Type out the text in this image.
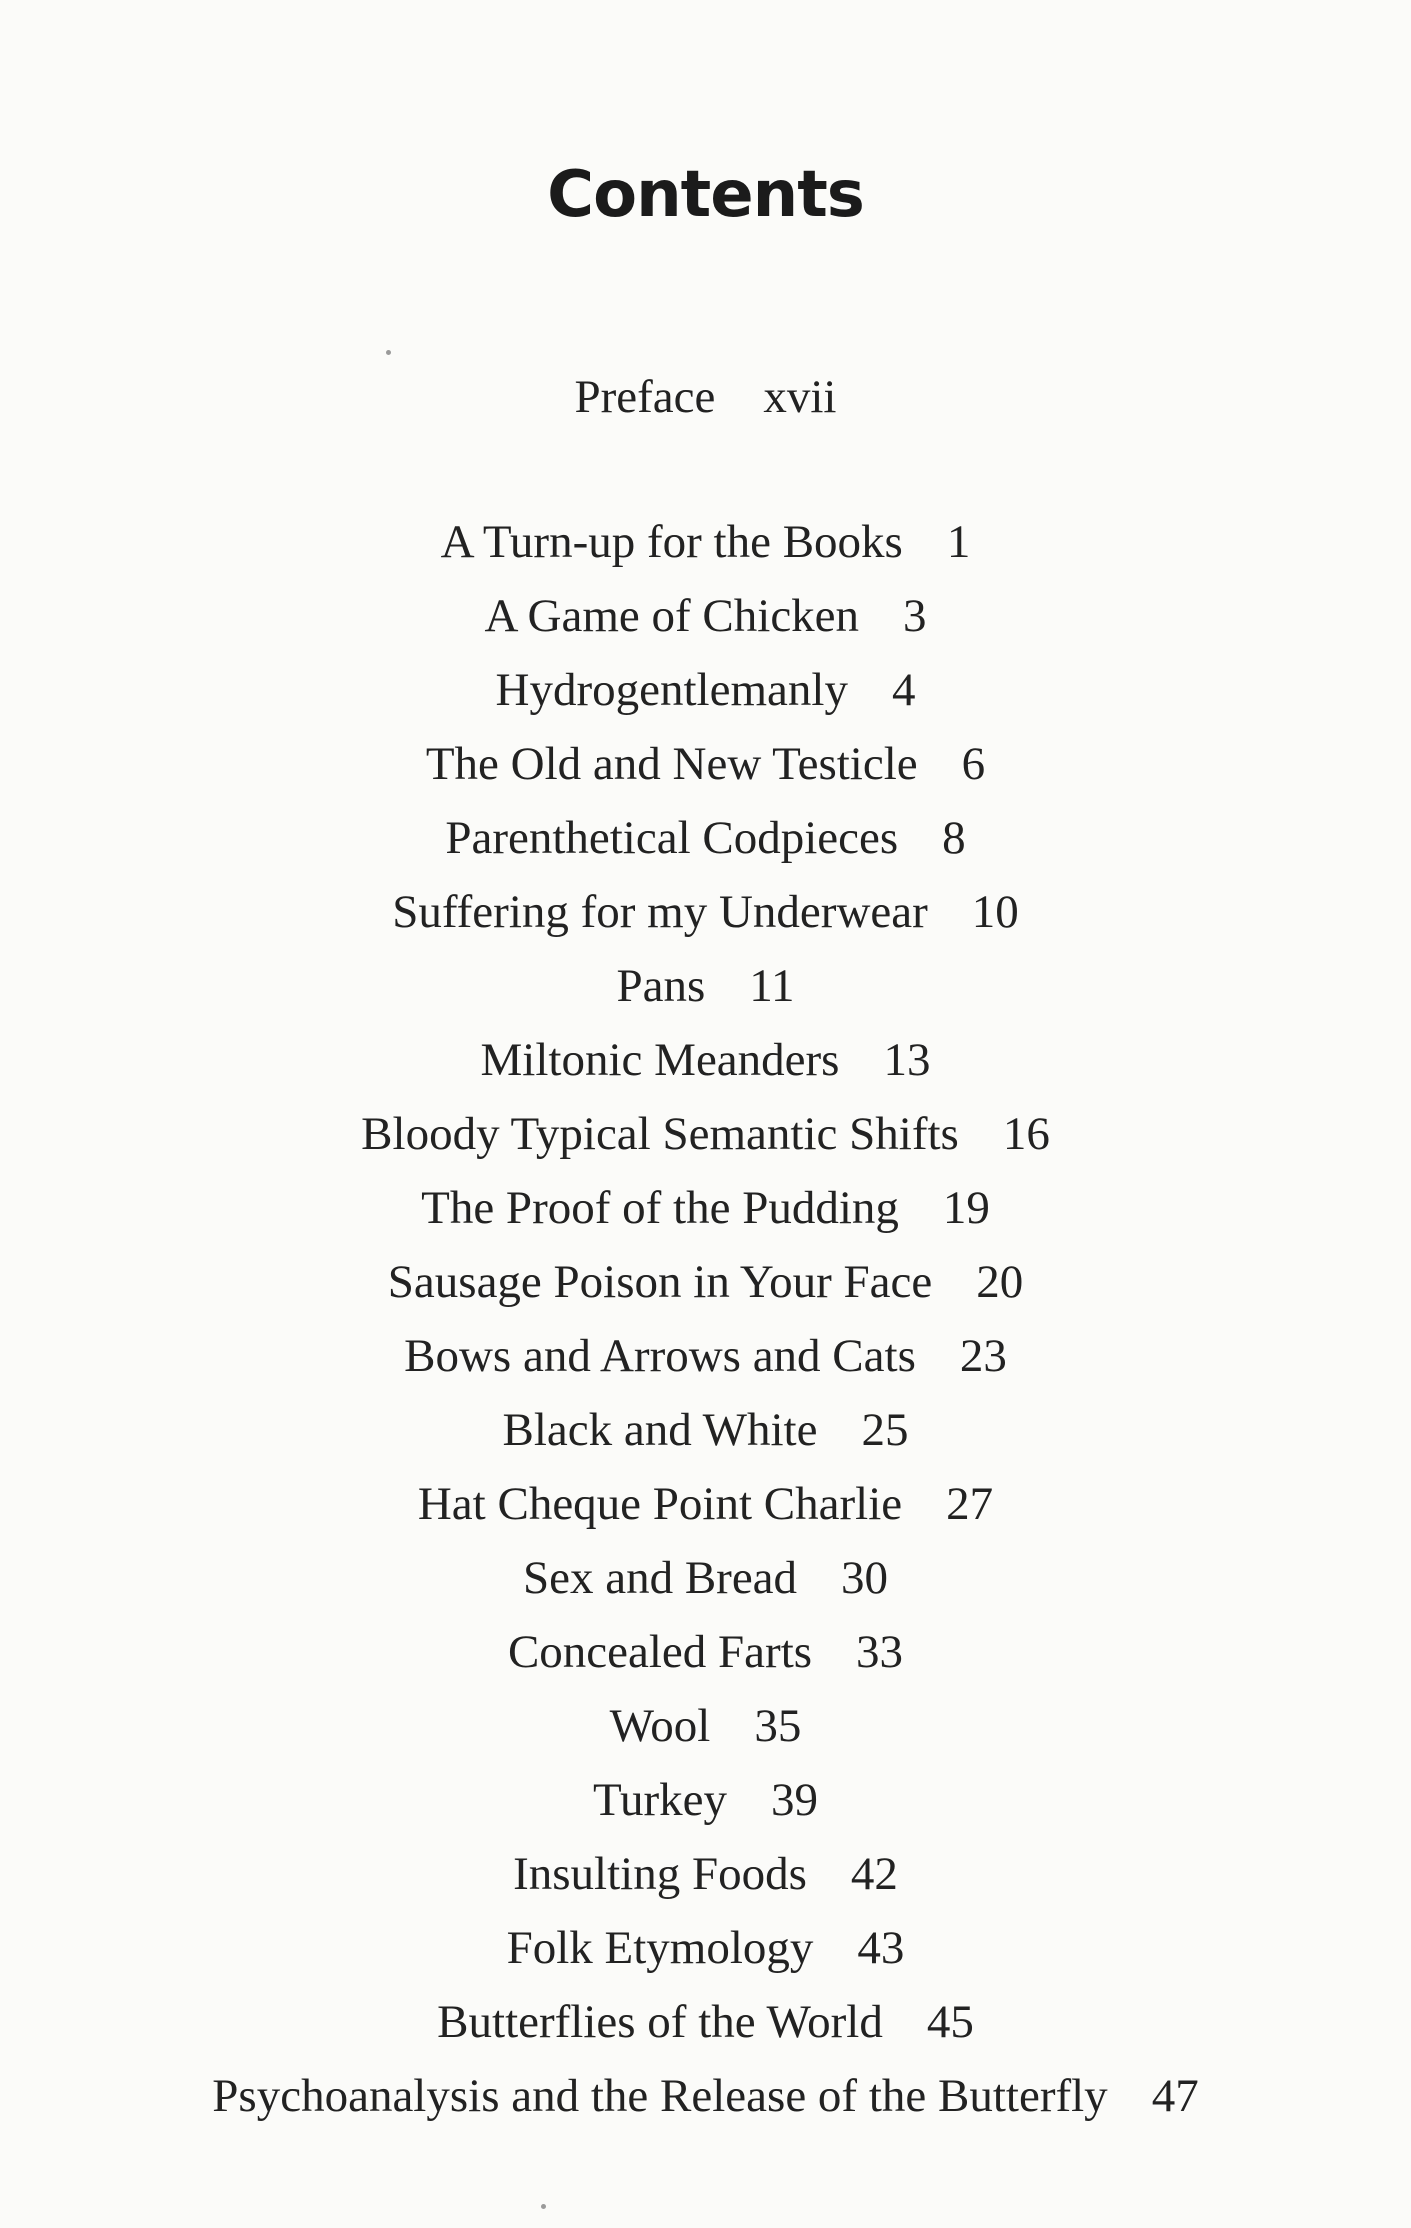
Contents
Preface xvii
A Turn-up for the Books 1
A Game of Chicken 3
Hydrogentlemanly 4
The Old and New Testicle 6
Parenthetical Codpieces 8
Suffering for my Underwear 10
Pans 11
Miltonic Meanders 13
Bloody Typical Semantic Shifts 16
The Proof of the Pudding 19
Sausage Poison in Your Face 20
Bows and Arrows and Cats 23
Black and White 25
Hat Cheque Point Charlie 27
Sex and Bread 30
Concealed Farts 33
Wool 35
Turkey 39
Insulting Foods 42
Folk Etymology 43
Butterflies of the World 45
Psychoanalysis and the Release of the Butterfly 47
